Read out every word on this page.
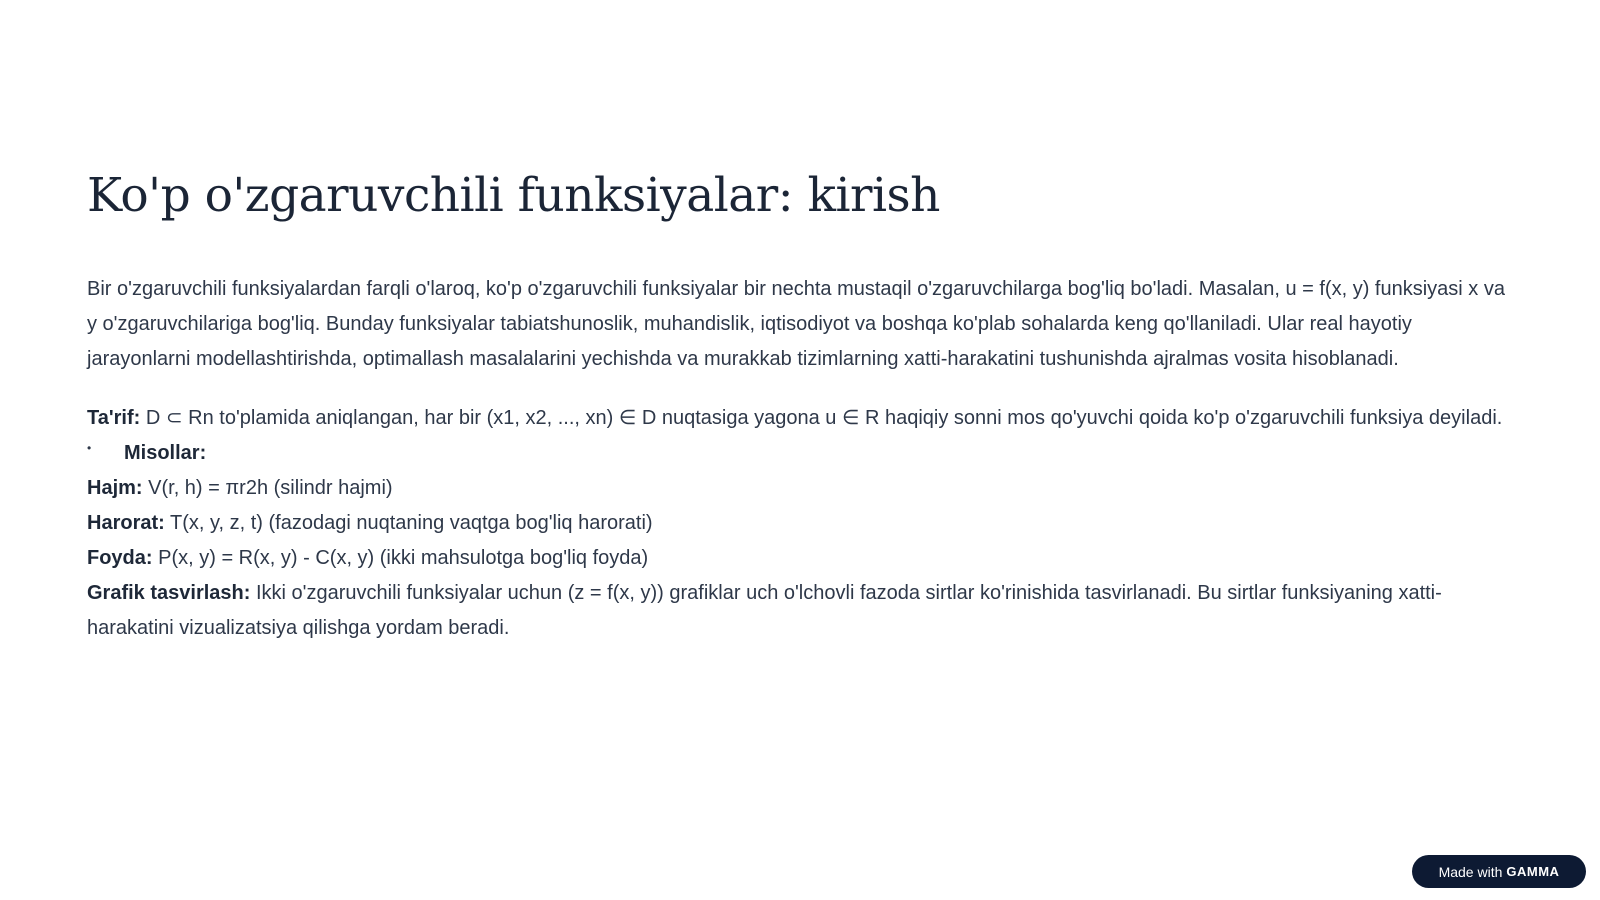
Ko'p o'zgaruvchili funksiyalar: kirish

Bir o'zgaruvchili funksiyalardan farqli o'laroq, ko'p o'zgaruvchili funksiyalar bir nechta mustaqil o'zgaruvchilarga bog'liq bo'ladi. Masalan, u = f(x, y) funksiyasi x va y o'zgaruvchilariga bog'liq. Bunday funksiyalar tabiatshunoslik, muhandislik, iqtisodiyot va boshqa ko'plab sohalarda keng qo'llaniladi. Ular real hayotiy jarayonlarni modellashtirishda, optimallash masalalarini yechishda va murakkab tizimlarning xatti-harakatini tushunishda ajralmas vosita hisoblanadi.

Ta'rif: D ⊂ Rn to'plamida aniqlangan, har bir (x1, x2, ..., xn) ∈ D nuqtasiga yagona u ∈ R haqiqiy sonni mos qo'yuvchi qoida ko'p o'zgaruvchili funksiya deyiladi.

•	Misollar:

Hajm: V(r, h) = πr2h (silindr hajmi)

Harorat: T(x, y, z, t) (fazodagi nuqtaning vaqtga bog'liq harorati)

Foyda: P(x, y) = R(x, y) - C(x, y) (ikki mahsulotga bog'liq foyda)

Grafik tasvirlash: Ikki o'zgaruvchili funksiyalar uchun (z = f(x, y)) grafiklar uch o'lchovli fazoda sirtlar ko'rinishida tasvirlanadi. Bu sirtlar funksiyaning xatti-harakatini vizualizatsiya qilishga yordam beradi.

Made with GAMMA
